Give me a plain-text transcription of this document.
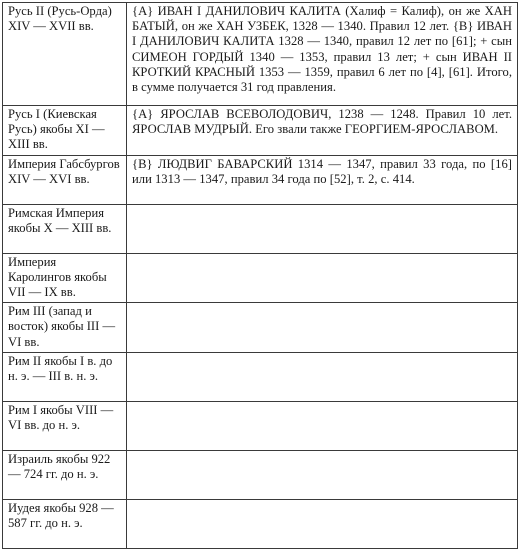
Русь II (Русь-Орда) XIV — XVII вв.	{А} ИВАН I ДАНИЛОВИЧ КАЛИТА (Халиф = Калиф), он же ХАН БАТЫЙ, он же ХАН УЗБЕК, 1328 — 1340. Правил 12 лет. {В} ИВАН I ДАНИЛОВИЧ КАЛИТА 1328 — 1340, правил 12 лет по [61]; + сын СИМЕОН ГОРДЫЙ 1340 — 1353, правил 13 лет; + сын ИВАН II КРОТКИЙ КРАСНЫЙ 1353 — 1359, правил 6 лет по [4], [61]. Итого, в сумме получается 31 год правления.
Русь I (Киевская Русь) якобы XI — XIII вв.	{А} ЯРОСЛАВ ВСЕВОЛОДОВИЧ, 1238 — 1248. Правил 10 лет. ЯРОСЛАВ МУДРЫЙ. Его звали также ГЕОРГИЕМ-ЯРОСЛАВОМ.
Империя Габсбургов XIV — XVI вв.	{В} ЛЮДВИГ БАВАРСКИЙ 1314 — 1347, правил 33 года, по [16] или 1313 — 1347, правил 34 года по [52], т. 2, с. 414.
Римская Империя якобы X — XIII вв.	
Империя Каролингов якобы VII — IX вв.	
Рим III (запад и восток) якобы III — VI вв.	
Рим II якобы I в. до н. э. — III в. н. э.	
Рим I якобы VIII — VI вв. до н. э.	
Израиль якобы 922 — 724 гг. до н. э.	
Иудея якобы 928 — 587 гг. до н. э.	
